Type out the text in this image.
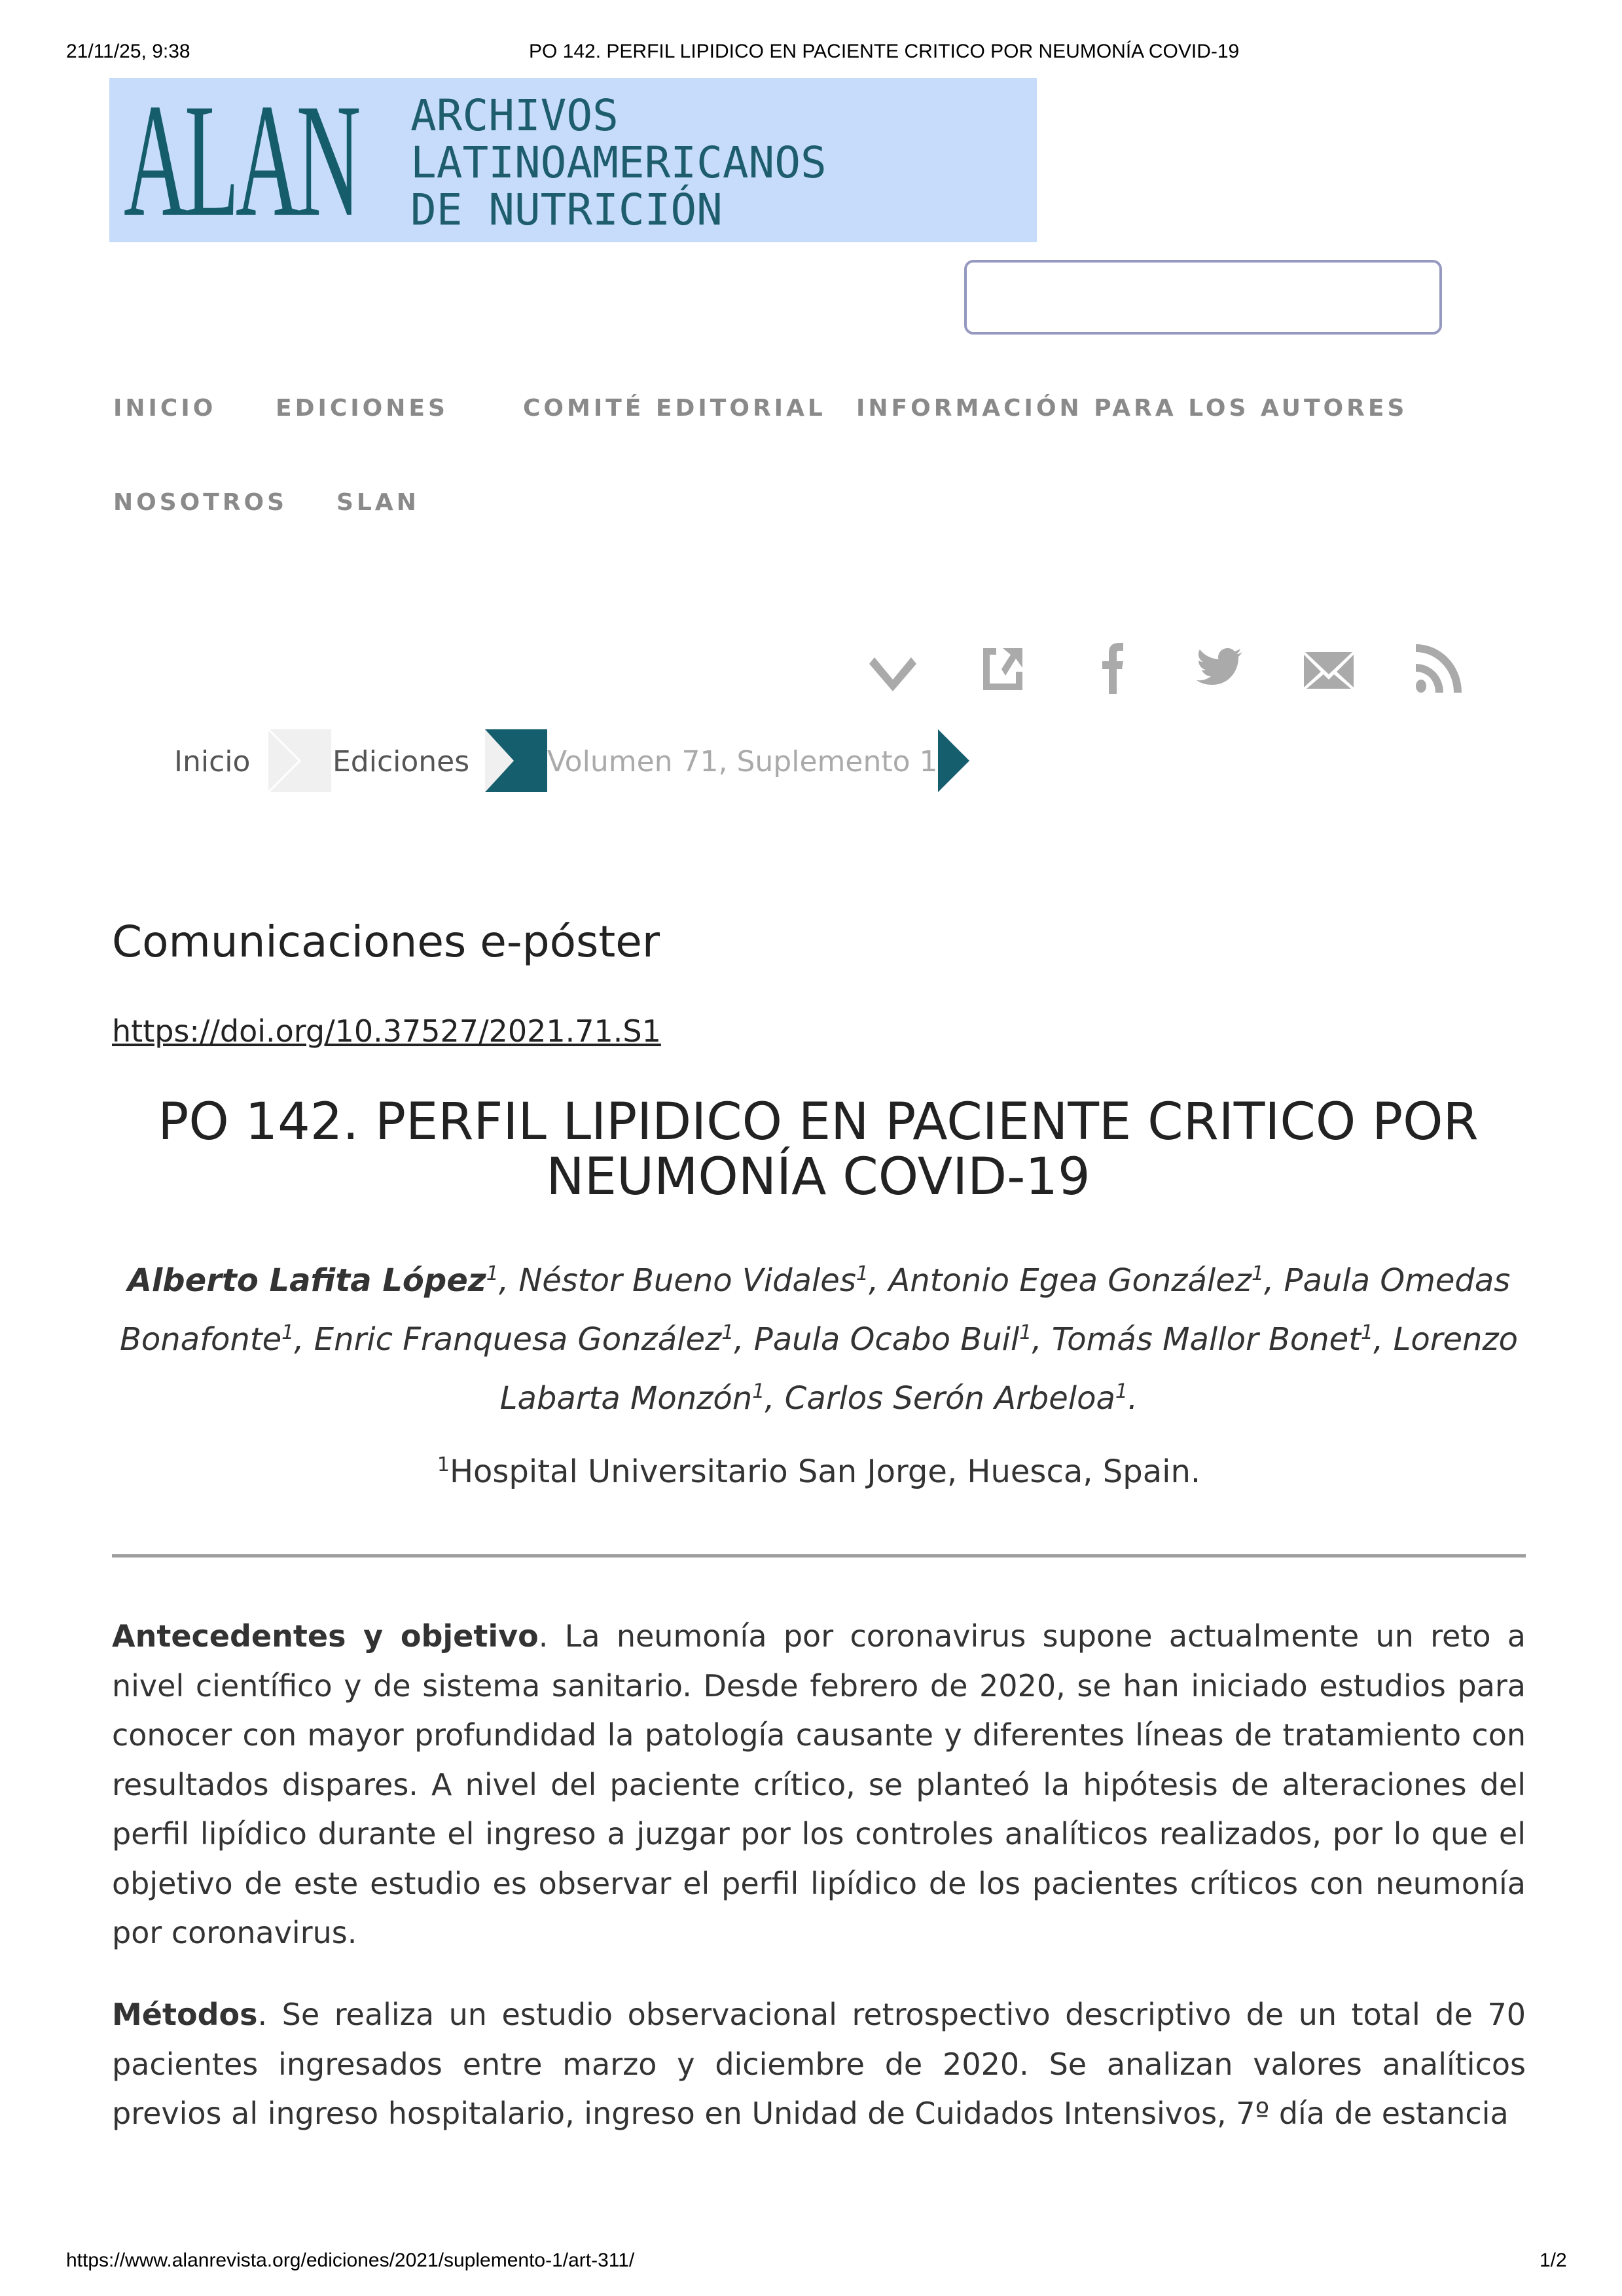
21/11/25, 9:38	PO 142. PERFIL LIPIDICO EN PACIENTE CRITICO POR NEUMONÍA COVID-19
ALAN ARCHIVOS
LATINOAMERICANOS
DE NUTRICIÓN
INICIO	EDICIONES	COMITÉ EDITORIAL INFORMACIÓN PARA LOS AUTORES
NOSOTROS SLAN
Inicio	Ediciones	Volumen 71, Suplemento 1
Comunicaciones e-póster
https://doi.org/10.37527/2021.71.S1
PO 142. PERFIL LIPIDICO EN PACIENTE CRITICO POR NEUMONÍA COVID-19
Alberto Lafita López$^1$, Néstor Bueno Vidales$^1$, Antonio Egea González$^1$, Paula Omedas Bonafonte$^1$, Enric Franquesa González$^1$, Paula Ocabo Buil$^1$, Tomás Mallor Bonet$^1$, Lorenzo Labarta Monzón$^1$, Carlos Serón Arbeloa$^1$.
$^1$Hospital Universitario San Jorge, Huesca, Spain.

Antecedentes y objetivo. La neumonía por coronavirus supone actualmente un reto a nivel científico y de sistema sanitario. Desde febrero de 2020, se han iniciado estudios para conocer con mayor profundidad la patología causante y diferentes líneas de tratamiento con resultados dispares. A nivel del paciente crítico, se planteó la hipótesis de alteraciones del perfil lipídico durante el ingreso a juzgar por los controles analíticos realizados, por lo que el objetivo de este estudio es observar el perfil lipídico de los pacientes críticos con neumonía por coronavirus.

Métodos. Se realiza un estudio observacional retrospectivo descriptivo de un total de 70 pacientes ingresados entre marzo y diciembre de 2020. Se analizan valores analíticos previos al ingreso hospitalario, ingreso en Unidad de Cuidados Intensivos, 7º día de estancia

https://www.alanrevista.org/ediciones/2021/suplemento-1/art-311/	1/2
